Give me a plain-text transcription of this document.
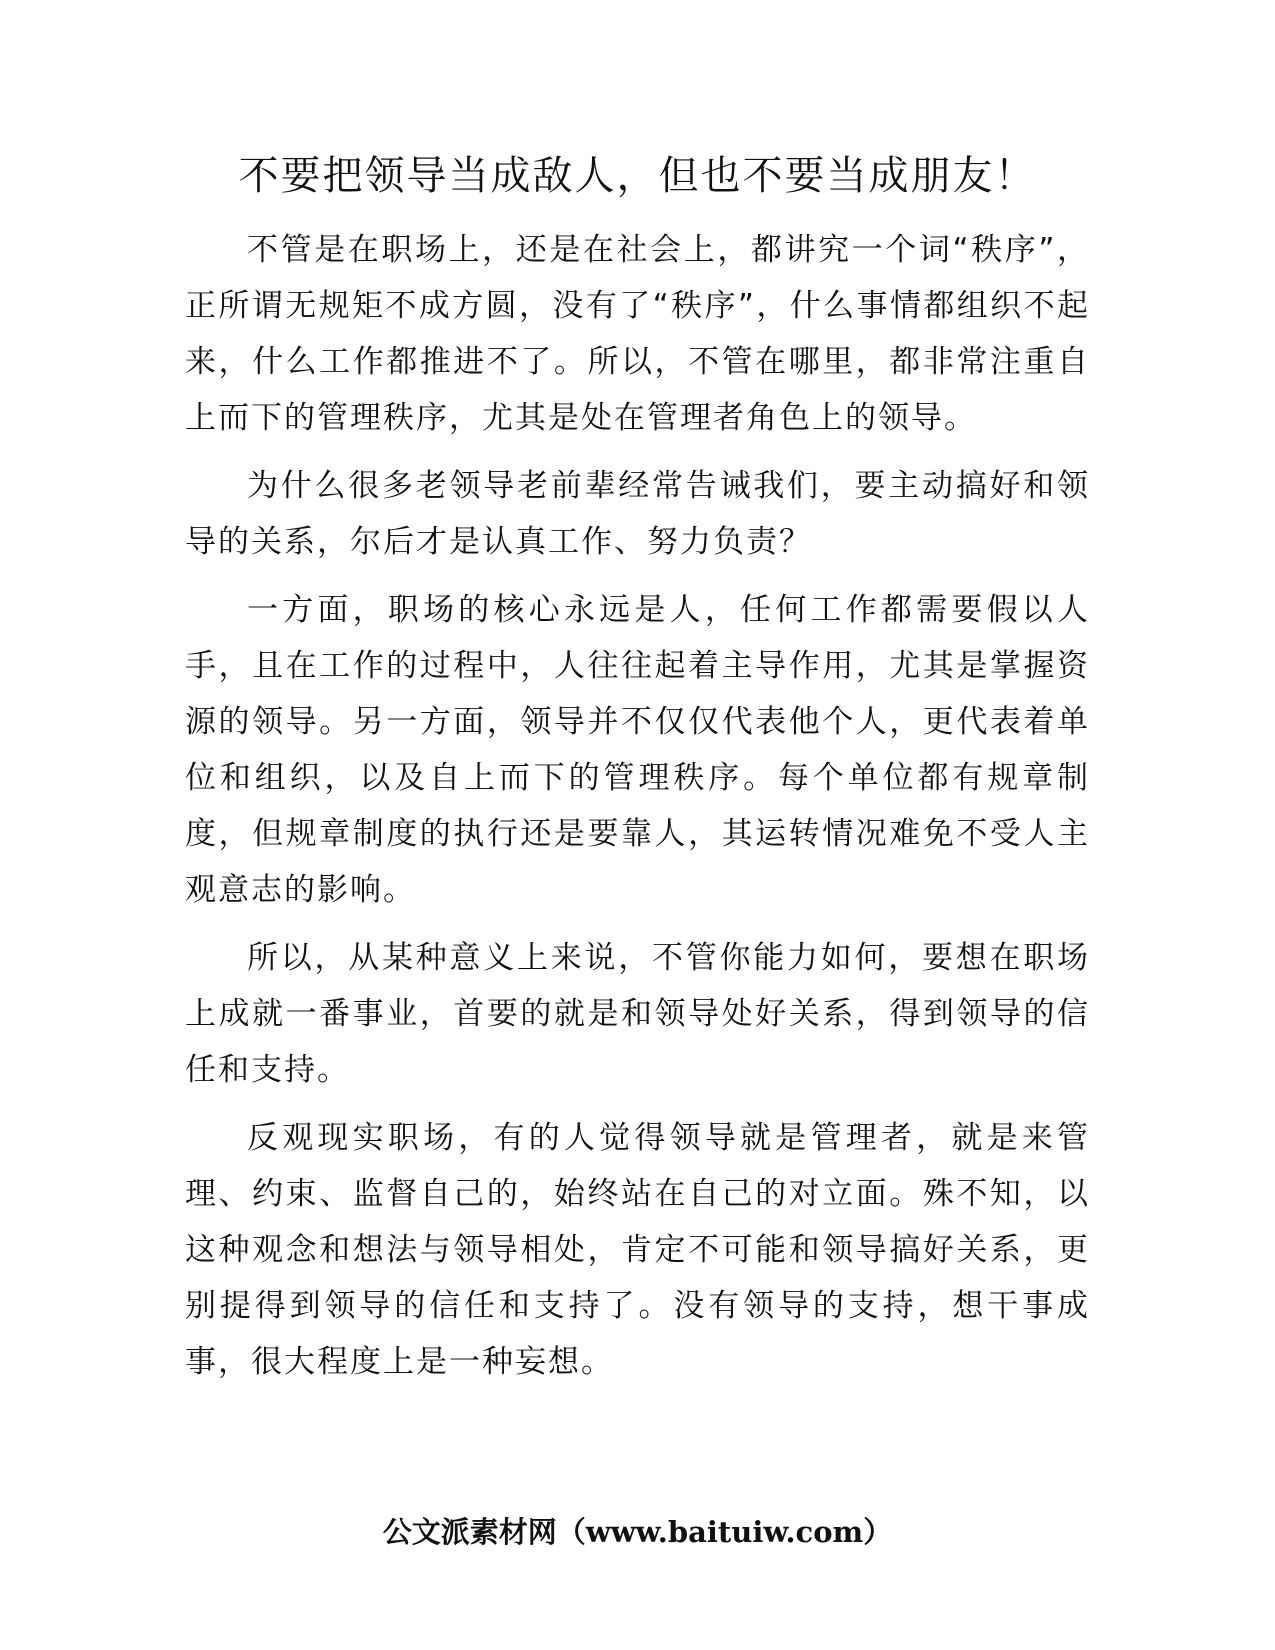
不要把领导当成敌人，但也不要当成朋友！

不管是在职场上，还是在社会上，都讲究一个词“秩序”，正所谓无规矩不成方圆，没有了“秩序”，什么事情都组织不起来，什么工作都推进不了。所以，不管在哪里，都非常注重自上而下的管理秩序，尤其是处在管理者角色上的领导。

为什么很多老领导老前辈经常告诫我们，要主动搞好和领导的关系，尔后才是认真工作、努力负责？

一方面，职场的核心永远是人，任何工作都需要假以人手，且在工作的过程中，人往往起着主导作用，尤其是掌握资源的领导。另一方面，领导并不仅仅代表他个人，更代表着单位和组织，以及自上而下的管理秩序。每个单位都有规章制度，但规章制度的执行还是要靠人，其运转情况难免不受人主观意志的影响。

所以，从某种意义上来说，不管你能力如何，要想在职场上成就一番事业，首要的就是和领导处好关系，得到领导的信任和支持。

反观现实职场，有的人觉得领导就是管理者，就是来管理、约束、监督自己的，始终站在自己的对立面。殊不知，以这种观念和想法与领导相处，肯定不可能和领导搞好关系，更别提得到领导的信任和支持了。没有领导的支持，想干事成事，很大程度上是一种妄想。

公文派素材网（www.baituiw.com）
